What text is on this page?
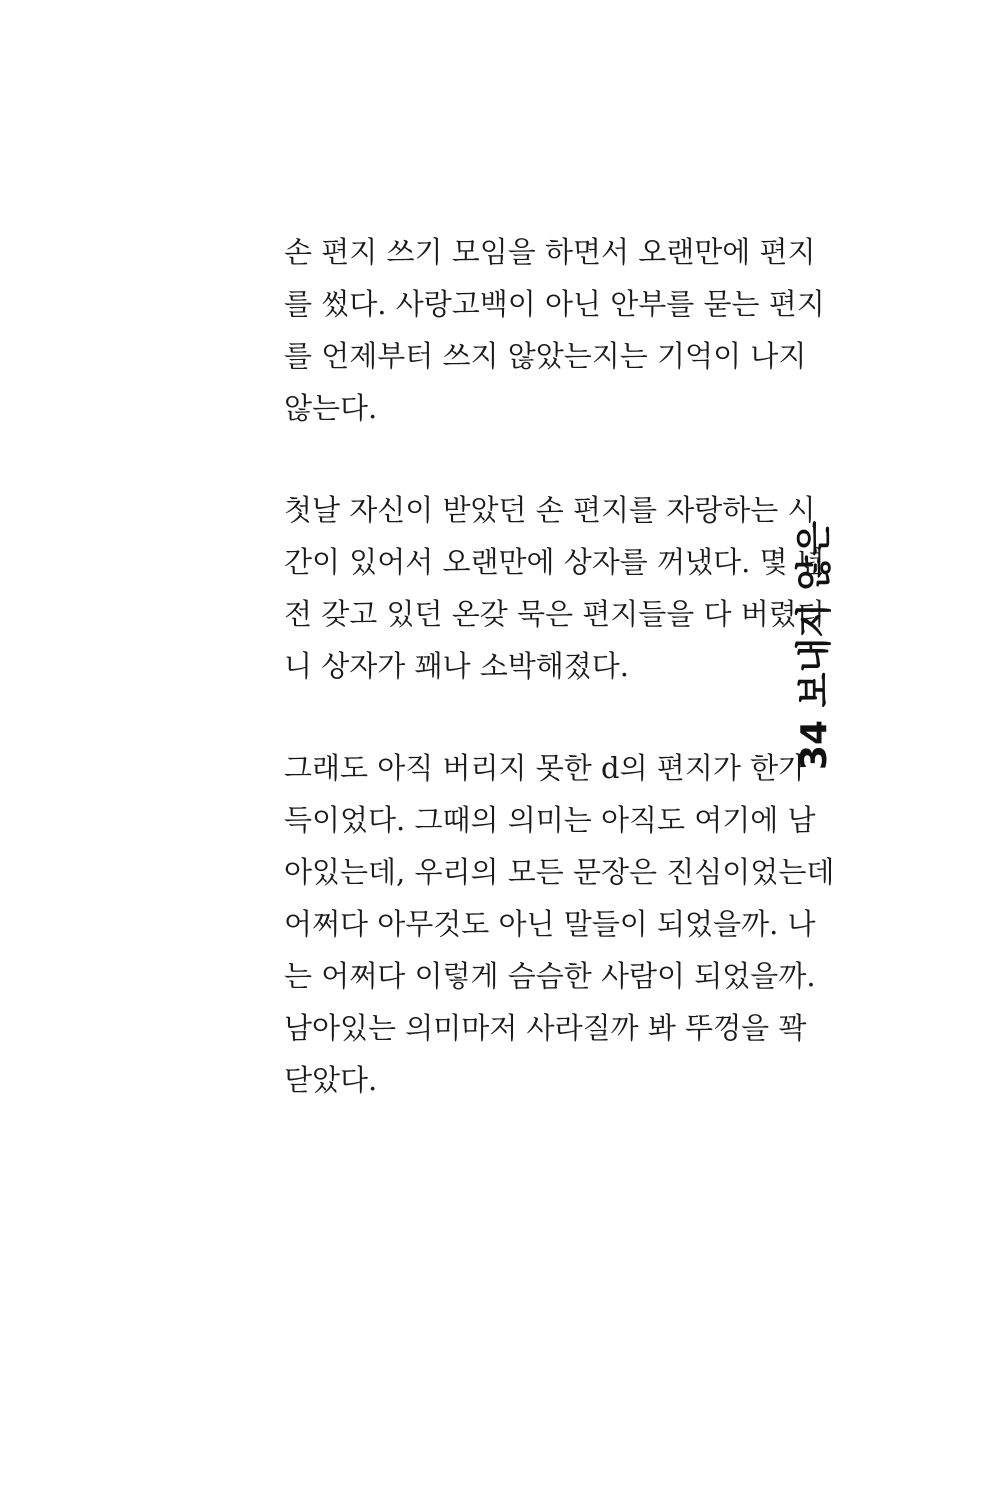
손 편지 쓰기 모임을 하면서 오랜만에 편지
를 썼다. 사랑고백이 아닌 안부를 묻는 편지
를 언제부터 쓰지 않았는지는 기억이 나지
않는다.
첫날 자신이 받았던 손 편지를 자랑하는 시
간이 있어서 오랜만에 상자를 꺼냈다. 몇 년
전 갖고 있던 온갖 묵은 편지들을 다 버렸더
니 상자가 꽤나 소박해졌다.
그래도 아직 버리지 못한 d의 편지가 한가
득이었다. 그때의 의미는 아직도 여기에 남
아있는데, 우리의 모든 문장은 진심이었는데
어쩌다 아무것도 아닌 말들이 되었을까. 나
는 어쩌다 이렇게 슴슴한 사람이 되었을까.
남아있는 의미마저 사라질까 봐 뚜껑을 꽉
닫았다.
34 보내지 않은
